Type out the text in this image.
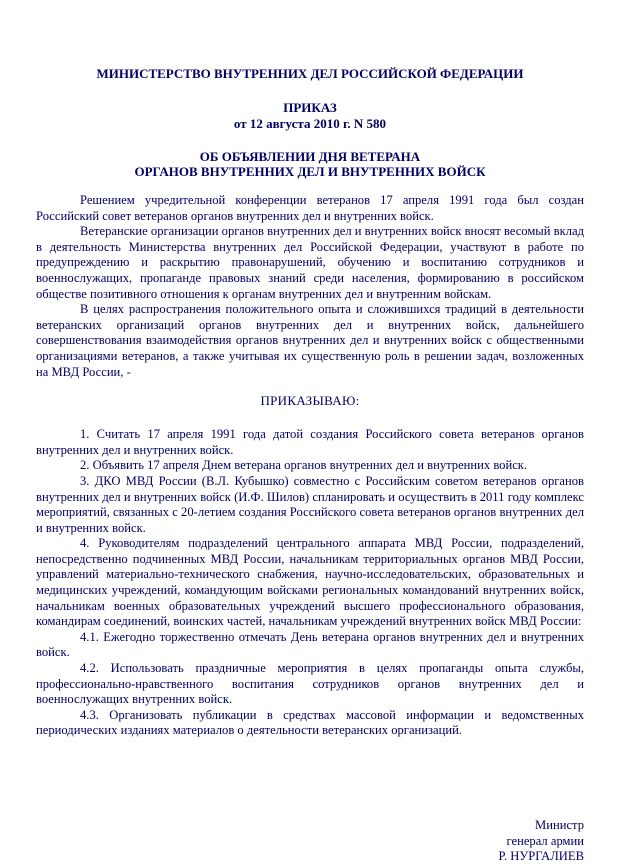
МИНИСТЕРСТВО ВНУТРЕННИХ ДЕЛ РОССИЙСКОЙ ФЕДЕРАЦИИ
ПРИКАЗ
от 12 августа 2010 г. N 580
ОБ ОБЪЯВЛЕНИИ ДНЯ ВЕТЕРАНА
ОРГАНОВ ВНУТРЕННИХ ДЕЛ И ВНУТРЕННИХ ВОЙСК

Решением учредительной конференции ветеранов 17 апреля 1991 года был создан Российский совет ветеранов органов внутренних дел и внутренних войск.

Ветеранские организации органов внутренних дел и внутренних войск вносят весомый вклад в деятельность Министерства внутренних дел Российской Федерации, участвуют в работе по предупреждению и раскрытию правонарушений, обучению и воспитанию сотрудников и военнослужащих, пропаганде правовых знаний среди населения, формированию в российском обществе позитивного отношения к органам внутренних дел и внутренним войскам.

В целях распространения положительного опыта и сложившихся традиций в деятельности ветеранских организаций органов внутренних дел и внутренних войск, дальнейшего совершенствования взаимодействия органов внутренних дел и внутренних войск с общественными организациями ветеранов, а также учитывая их существенную роль в решении задач, возложенных на МВД России, -

ПРИКАЗЫВАЮ:

1. Считать 17 апреля 1991 года датой создания Российского совета ветеранов органов внутренних дел и внутренних войск.

2. Объявить 17 апреля Днем ветерана органов внутренних дел и внутренних войск.

3. ДКО МВД России (В.Л. Кубышко) совместно с Российским советом ветеранов органов внутренних дел и внутренних войск (И.Ф. Шилов) спланировать и осуществить в 2011 году комплекс мероприятий, связанных с 20-летием создания Российского совета ветеранов органов внутренних дел и внутренних войск.

4. Руководителям подразделений центрального аппарата МВД России, подразделений, непосредственно подчиненных МВД России, начальникам территориальных органов МВД России, управлений материально-технического снабжения, научно-исследовательских, образовательных и медицинских учреждений, командующим войсками региональных командований внутренних войск, начальникам военных образовательных учреждений высшего профессионального образования, командирам соединений, воинских частей, начальникам учреждений внутренних войск МВД России:

4.1. Ежегодно торжественно отмечать День ветерана органов внутренних дел и внутренних войск.

4.2. Использовать праздничные мероприятия в целях пропаганды опыта службы, профессионально-нравственного воспитания сотрудников органов внутренних дел и военнослужащих внутренних войск.

4.3. Организовать публикации в средствах массовой информации и ведомственных периодических изданиях материалов о деятельности ветеранских организаций.

Министр
генерал армии
Р. НУРГАЛИЕВ
